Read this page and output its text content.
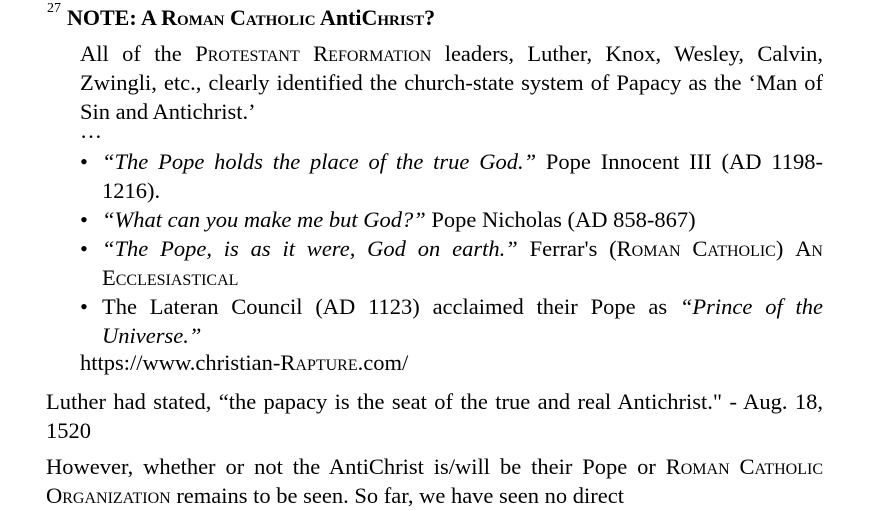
27 NOTE: A Roman Catholic AntiChrist?
All of the Protestant Reformation leaders, Luther, Knox, Wesley, Calvin, Zwingli, etc., clearly identified the church-state system of Papacy as the ‘Man of Sin and Antichrist.’
…
• “The Pope holds the place of the true God.” Pope Innocent III (AD 1198-1216).
• “What can you make me but God?” Pope Nicholas (AD 858-867)
• “The Pope, is as it were, God on earth.” Ferrar's (Roman Catholic) An Ecclesiastical
• The Lateran Council (AD 1123) acclaimed their Pope as “Prince of the Universe.”
https://www.christian-Rapture.com/
Luther had stated, “the papacy is the seat of the true and real Antichrist." - Aug. 18, 1520
However, whether or not the AntiChrist is/will be their Pope or Roman Catholic Organization remains to be seen. So far, we have seen no direct
